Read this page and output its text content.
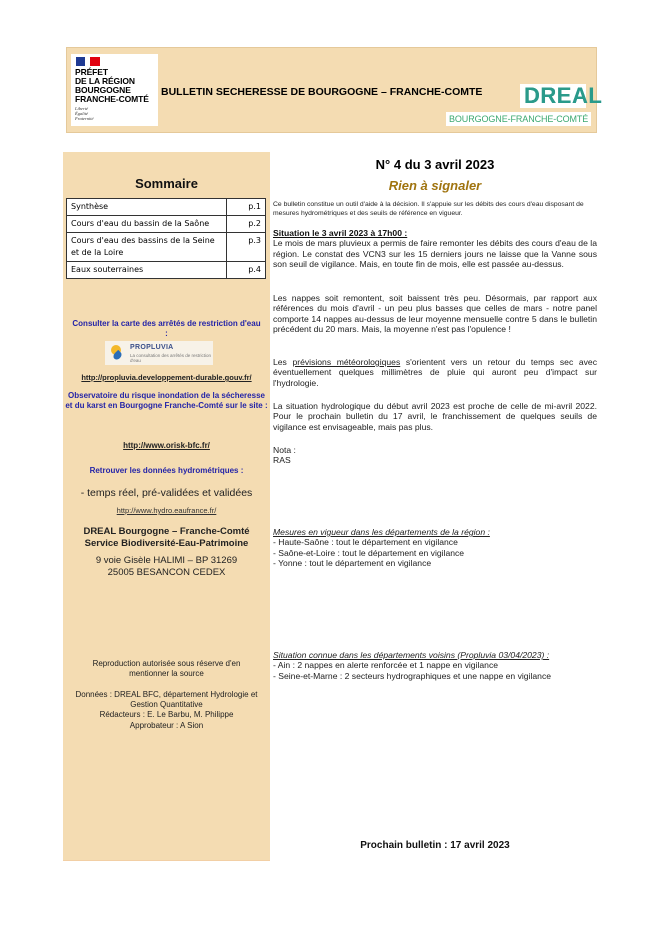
PRÉFET
DE LA RÉGION
BOURGOGNE
FRANCHE-COMTÉ
Liberté
Égalité
Fraternité
BULLETIN SECHERESSE DE BOURGOGNE – FRANCHE-COMTE DREAL
BOURGOGNE-FRANCHE-COMTÉ
Sommaire
Synthèse	p.1
Cours d'eau du bassin de la Saône	p.2
Cours d'eau des bassins de la Seine et de la Loire	p.3
Eaux souterraines	p.4
Consulter la carte des arrêtés de restriction d'eau :
PROPLUVIA
La consultation des arrêtés de restriction d'eau
http://propluvia.developpement-durable.gouv.fr/
Observatoire du risque inondation de la sécheresse et du karst en Bourgogne Franche-Comté sur le site :
http://www.orisk-bfc.fr/
Retrouver les données hydrométriques :
- temps réel, pré-validées et validées
http://www.hydro.eaufrance.fr/
DREAL Bourgogne – Franche-Comté
Service Biodiversité-Eau-Patrimoine
9 voie Gisèle HALIMI – BP 31269
25005 BESANCON CEDEX
Reproduction autorisée sous réserve d'en mentionner la source
Données : DREAL BFC, département Hydrologie et Gestion Quantitative
Rédacteurs : E. Le Barbu, M. Philippe
Approbateur : A Sion
N° 4 du 3 avril 2023
Rien à signaler
Ce bulletin constitue un outil d'aide à la décision. Il s'appuie sur les débits des cours d'eau disposant de mesures hydrométriques et des seuils de référence en vigueur.
Situation le 3 avril 2023 à 17h00 :
Le mois de mars pluvieux a permis de faire remonter les débits des cours d'eau de la région. Le constat des VCN3 sur les 15 derniers jours ne laisse que la Vanne sous son seuil de vigilance. Mais, en toute fin de mois, elle est passée au-dessus.
Les nappes soit remontent, soit baissent très peu. Désormais, par rapport aux références du mois d'avril - un peu plus basses que celles de mars - notre panel comporte 14 nappes au-dessus de leur moyenne mensuelle contre 5 dans le bulletin précédent du 20 mars. Mais, la moyenne n'est pas l'opulence !
Les prévisions météorologiques s'orientent vers un retour du temps sec avec éventuellement quelques millimètres de pluie qui auront peu d'impact sur l'hydrologie.
La situation hydrologique du début avril 2023 est proche de celle de mi-avril 2022. Pour le prochain bulletin du 17 avril, le franchissement de quelques seuils de vigilance est envisageable, mais pas plus.
Nota :
RAS
Mesures en vigueur dans les départements de la région :
- Haute-Saône : tout le département en vigilance
- Saône-et-Loire : tout le département en vigilance
- Yonne : tout le département en vigilance
Situation connue dans les départements voisins (Propluvia 03/04/2023) :
- Ain : 2 nappes en alerte renforcée et 1 nappe en vigilance
- Seine-et-Marne : 2 secteurs hydrographiques et une nappe en vigilance
Prochain bulletin : 17 avril 2023
